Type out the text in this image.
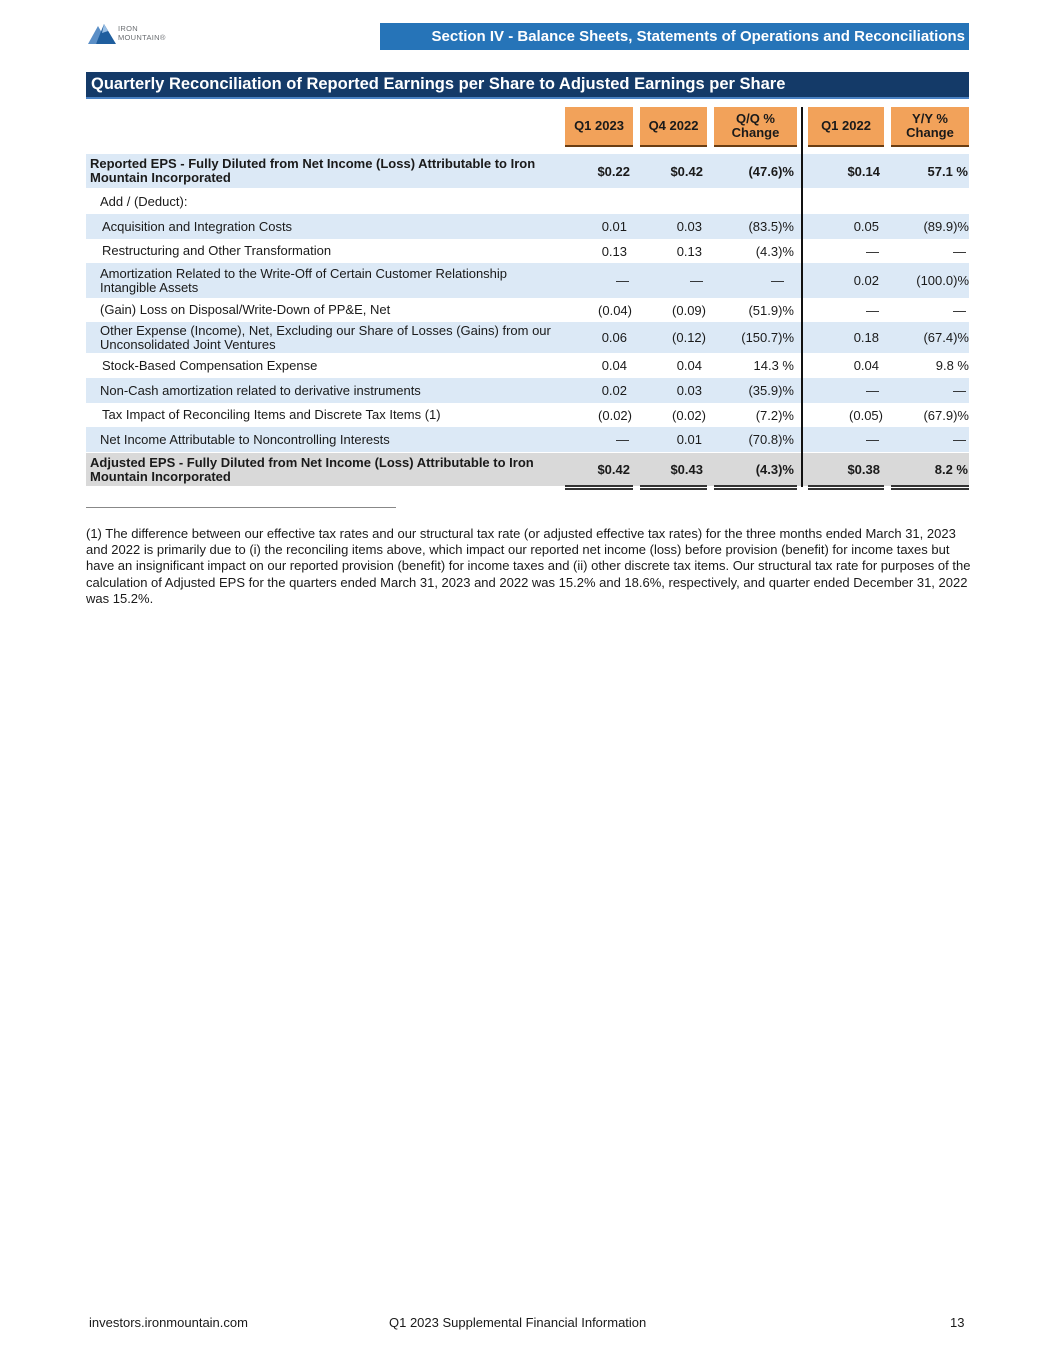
IRON
MOUNTAIN®	Section IV - Balance Sheets, Statements of Operations and Reconciliations
Quarterly Reconciliation of Reported Earnings per Share to Adjusted Earnings per Share
Q1 2023	Q4 2022	Q/Q % Change	Q1 2022	Y/Y % Change
Reported EPS - Fully Diluted from Net Income (Loss) Attributable to Iron Mountain Incorporated	$0.22	$0.42	(47.6)%	$0.14	57.1 %
Add / (Deduct):
Acquisition and Integration Costs	0.01	0.03	(83.5)%	0.05	(89.9)%
Restructuring and Other Transformation	0.13	0.13	(4.3)%	—	—
Amortization Related to the Write-Off of Certain Customer Relationship Intangible Assets	—	—	—	0.02	(100.0)%
(Gain) Loss on Disposal/Write-Down of PP&E, Net	(0.04)	(0.09)	(51.9)%	—	—
Other Expense (Income), Net, Excluding our Share of Losses (Gains) from our Unconsolidated Joint Ventures	0.06	(0.12)	(150.7)%	0.18	(67.4)%
Stock-Based Compensation Expense	0.04	0.04	14.3 %	0.04	9.8 %
Non-Cash amortization related to derivative instruments	0.02	0.03	(35.9)%	—	—
Tax Impact of Reconciling Items and Discrete Tax Items (1)	(0.02)	(0.02)	(7.2)%	(0.05)	(67.9)%
Net Income Attributable to Noncontrolling Interests	—	0.01	(70.8)%	—	—
Adjusted EPS - Fully Diluted from Net Income (Loss) Attributable to Iron Mountain Incorporated	$0.42	$0.43	(4.3)%	$0.38	8.2 %
(1) The difference between our effective tax rates and our structural tax rate (or adjusted effective tax rates) for the three months ended March 31, 2023 and 2022 is primarily due to (i) the reconciling items above, which impact our reported net income (loss) before provision (benefit) for income taxes but have an insignificant impact on our reported provision (benefit) for income taxes and (ii) other discrete tax items. Our structural tax rate for purposes of the calculation of Adjusted EPS for the quarters ended March 31, 2023 and 2022 was 15.2% and 18.6%, respectively, and quarter ended December 31, 2022 was 15.2%.
investors.ironmountain.com	Q1 2023 Supplemental Financial Information	13
